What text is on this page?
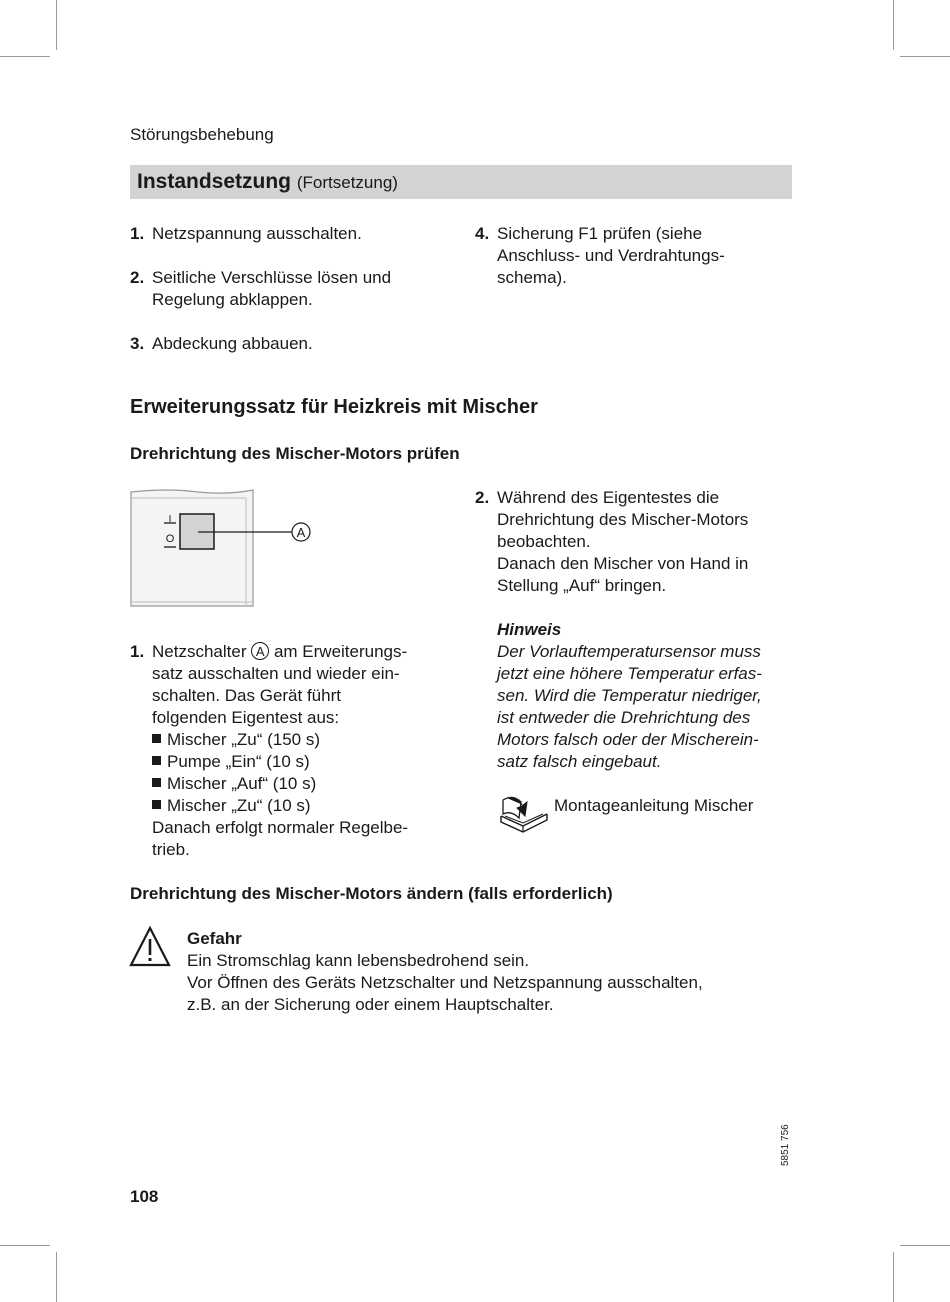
Störungsbehebung
Instandsetzung (Fortsetzung)
1. Netzspannung ausschalten.
2. Seitliche Verschlüsse lösen und
Regelung abklappen.
3. Abdeckung abbauen.
4. Sicherung F1 prüfen (siehe
Anschluss- und Verdrahtungs-
schema).
Erweiterungssatz für Heizkreis mit Mischer
Drehrichtung des Mischer-Motors prüfen
I
O	A
1. Netzschalter A am Erweiterungs-
satz ausschalten und wieder ein-
schalten. Das Gerät führt
folgenden Eigentest aus:
Mischer „Zu“ (150 s)
Pumpe „Ein“ (10 s)
Mischer „Auf“ (10 s)
Mischer „Zu“ (10 s)
Danach erfolgt normaler Regelbe-
trieb.
2. Während des Eigentestes die
Drehrichtung des Mischer-Motors
beobachten.
Danach den Mischer von Hand in
Stellung „Auf“ bringen.
Hinweis
Der Vorlauftemperatursensor muss
jetzt eine höhere Temperatur erfas-
sen. Wird die Temperatur niedriger,
ist entweder die Drehrichtung des
Motors falsch oder der Mischerein-
satz falsch eingebaut.
Montageanleitung Mischer
Drehrichtung des Mischer-Motors ändern (falls erforderlich)
Gefahr
Ein Stromschlag kann lebensbedrohend sein.
Vor Öffnen des Geräts Netzschalter und Netzspannung ausschalten,
z.B. an der Sicherung oder einem Hauptschalter.
5851 756
108
